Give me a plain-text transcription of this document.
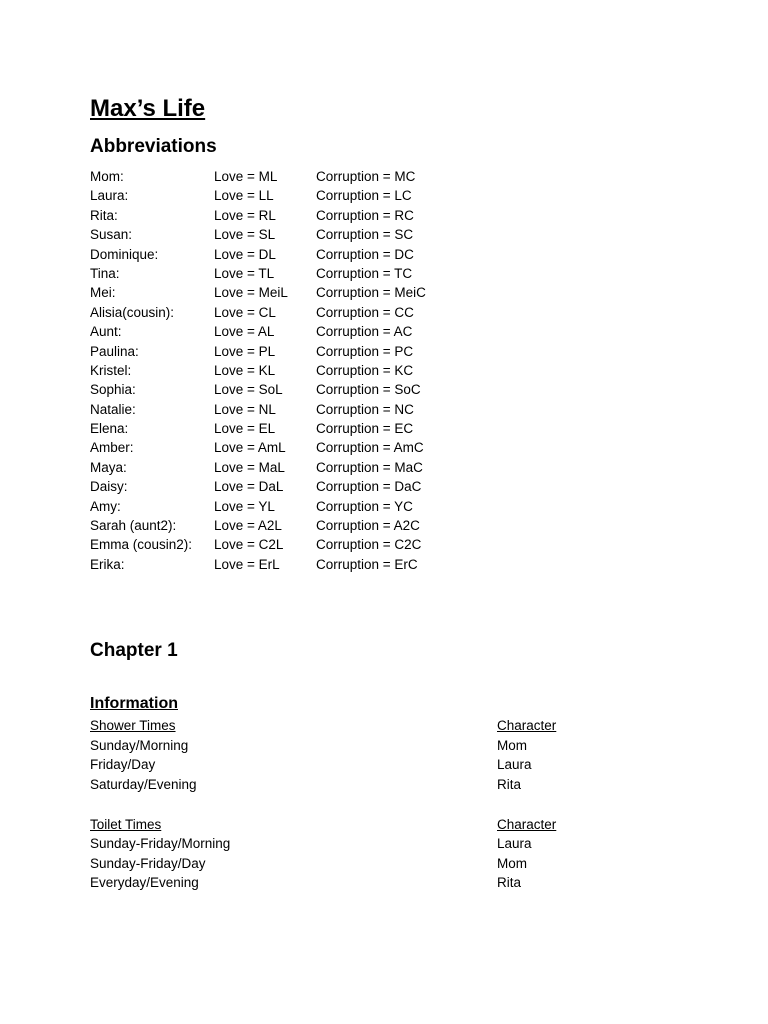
Max’s Life
Abbreviations
Mom:	Love = ML	Corruption = MC
Laura:	Love = LL	Corruption = LC
Rita:	Love = RL	Corruption = RC
Susan:	Love = SL	Corruption = SC
Dominique:	Love = DL	Corruption = DC
Tina:	Love = TL	Corruption = TC
Mei:	Love = MeiL	Corruption = MeiC
Alisia(cousin):	Love = CL	Corruption = CC
Aunt:	Love = AL	Corruption = AC
Paulina:	Love = PL	Corruption = PC
Kristel:	Love = KL	Corruption = KC
Sophia:	Love = SoL	Corruption = SoC
Natalie:	Love = NL	Corruption = NC
Elena:	Love = EL	Corruption = EC
Amber:	Love = AmL	Corruption = AmC
Maya:	Love = MaL	Corruption = MaC
Daisy:	Love = DaL	Corruption = DaC
Amy:	Love = YL	Corruption = YC
Sarah (aunt2):	Love = A2L	Corruption = A2C
Emma (cousin2):	Love = C2L	Corruption = C2C
Erika:	Love = ErL	Corruption = ErC
Chapter 1
Information
Shower Times	Character
Sunday/Morning	Mom
Friday/Day	Laura
Saturday/Evening	Rita
Toilet Times	Character
Sunday-Friday/Morning	Laura
Sunday-Friday/Day	Mom
Everyday/Evening	Rita
